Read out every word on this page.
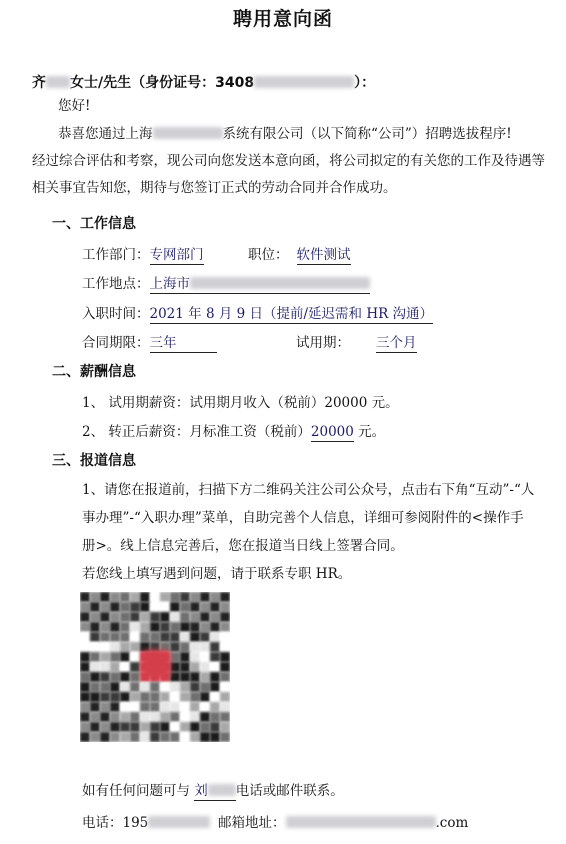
聘用意向函
齐 女士/先生（身份证号：3408	）：
您好!
恭喜您通过上海	系统有限公司（以下简称“公司”）招聘选拔程序!
经过综合评估和考察，现公司向您发送本意向函，将公司拟定的有关您的工作及待遇等
相关事宜告知您，期待与您签订正式的劳动合同并合作成功。
一、工作信息
工作部门：专网部门	职位： 软件测试
工作地点：上海市
入职时间：2021 年 8 月 9 日（提前/延迟需和 HR 沟通）
合同期限：三年	试用期： 三个月
二、薪酬信息
1、 试用期薪资：试用期月收入（税前）20000 元。
2、 转正后薪资：月标准工资（税前）20000 元。
三、报道信息
1、请您在报道前，扫描下方二维码关注公司公众号，点击右下角“互动”-“人
事办理”-“入职办理”菜单，自助完善个人信息，详细可参阅附件的<操作手
册>。线上信息完善后，您在报道当日线上签署合同。
若您线上填写遇到问题，请于联系专职 HR。
如有任何问题可与 刘 电话或邮件联系。
电话：195	邮箱地址：	.com
